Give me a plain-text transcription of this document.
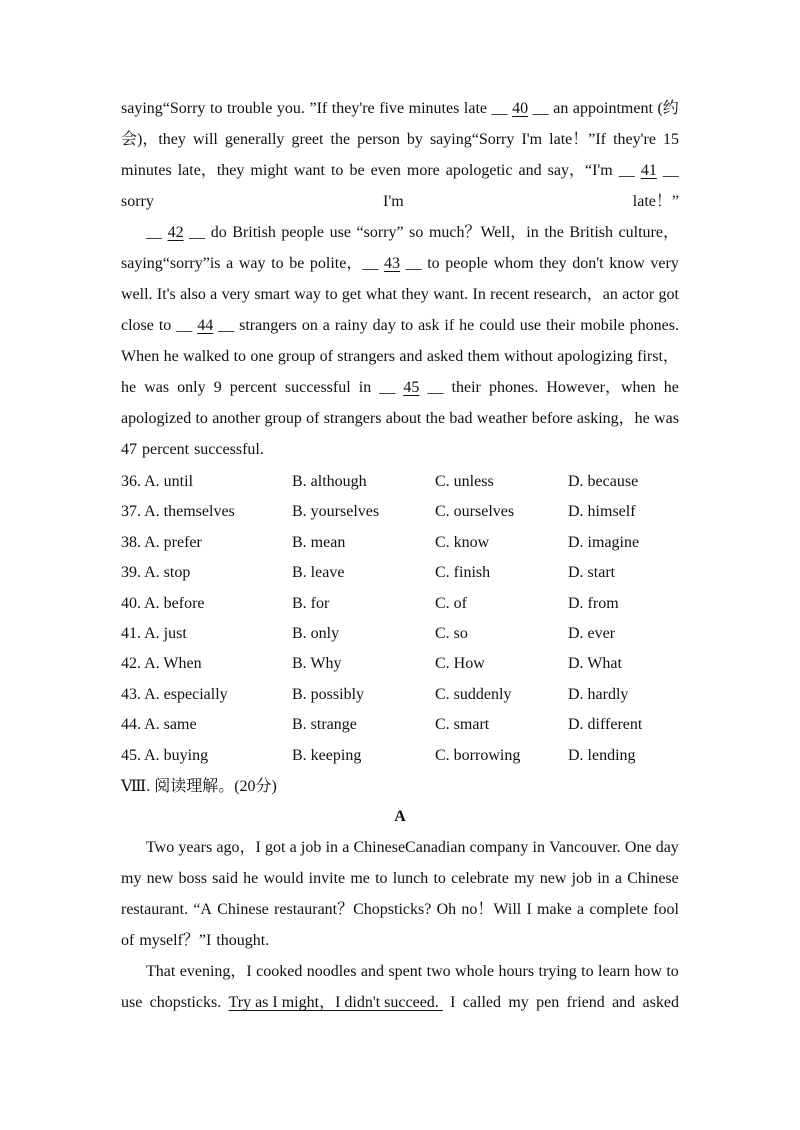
saying“Sorry to trouble you. ”If they're five minutes late __ 40 __ an appointment (约
会)，they will generally greet the person by saying“Sorry I'm late！”If they're 15
minutes late，they might want to be even more apologetic and say，“I'm __ 41 __
sorry	I'm	late！”
__ 42 __ do British people use “sorry” so much？Well，in the British culture，
saying“sorry”is a way to be polite，__ 43 __ to people whom they don't know very
well. It's also a very smart way to get what they want. In recent research，an actor got
close to __ 44 __ strangers on a rainy day to ask if he could use their mobile phones.
When he walked to one group of strangers and asked them without apologizing first，
he was only 9 percent successful in __ 45 __ their phones. However，when he
apologized to another group of strangers about the bad weather before asking，he was
47 percent successful.
36. A. until	B. although	C. unless	D. because
37. A. themselves	B. yourselves	C. ourselves	D. himself
38. A. prefer	B. mean	C. know	D. imagine
39. A. stop	B. leave	C. finish	D. start
40. A. before	B. for	C. of	D. from
41. A. just	B. only	C. so	D. ever
42. A. When	B. Why	C. How	D. What
43. A. especially	B. possibly	C. suddenly	D. hardly
44. A. same	B. strange	C. smart	D. different
45. A. buying	B. keeping	C. borrowing	D. lending
Ⅷ. 阅读理解。(20分)
A
Two years ago，I got a job in a ChineseCanadian company in Vancouver. One day
my new boss said he would invite me to lunch to celebrate my new job in a Chinese
restaurant. “A Chinese restaurant？Chopsticks? Oh no！Will I make a complete fool
of myself？”I thought.
That evening，I cooked noodles and spent two whole hours trying to learn how to
use chopsticks. Try as I might，I didn't succeed. I called my pen friend and asked
